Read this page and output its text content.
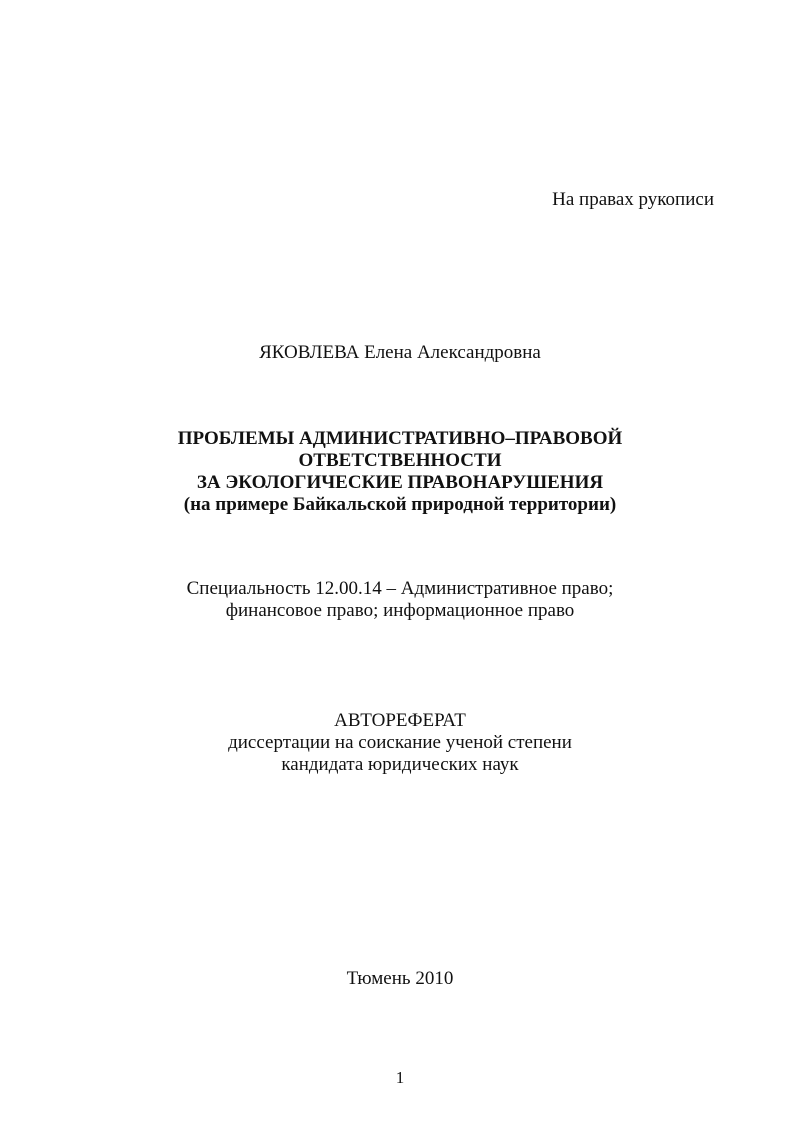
На правах рукописи
ЯКОВЛЕВА Елена Александровна
ПРОБЛЕМЫ АДМИНИСТРАТИВНО–ПРАВОВОЙ
ОТВЕТСТВЕННОСТИ
ЗА ЭКОЛОГИЧЕСКИЕ ПРАВОНАРУШЕНИЯ
(на примере Байкальской природной территории)
Специальность 12.00.14 – Административное право;
финансовое право; информационное право
АВТОРЕФЕРАТ
диссертации на соискание ученой степени
кандидата юридических наук
Тюмень 2010
1
